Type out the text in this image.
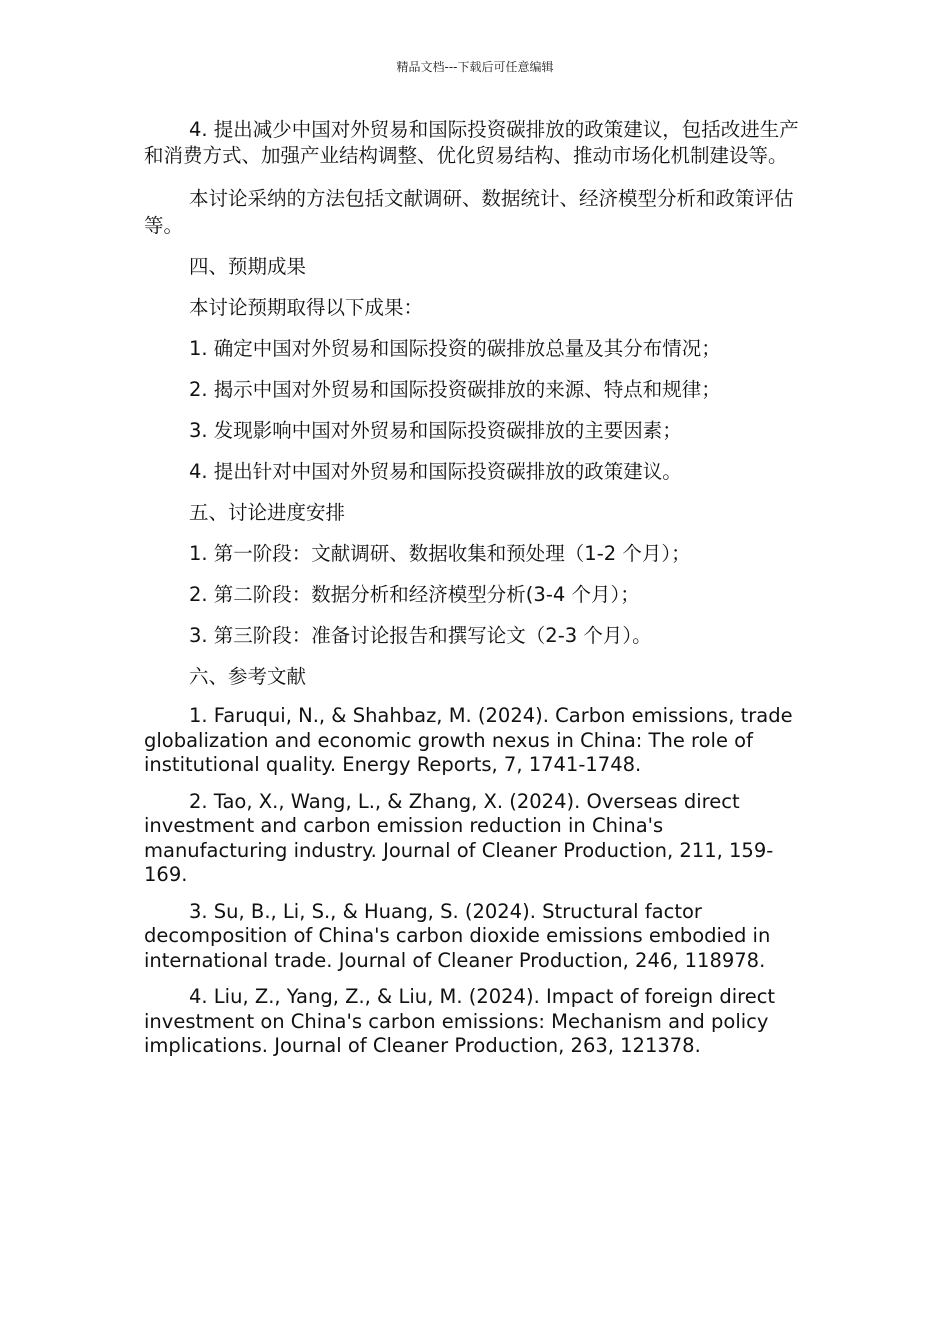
精品文档---下载后可任意编辑

4. 提出减少中国对外贸易和国际投资碳排放的政策建议，包括改进生产和消费方式、加强产业结构调整、优化贸易结构、推动市场化机制建设等。

本讨论采纳的方法包括文献调研、数据统计、经济模型分析和政策评估等。

四、预期成果

本讨论预期取得以下成果：

1. 确定中国对外贸易和国际投资的碳排放总量及其分布情况；

2. 揭示中国对外贸易和国际投资碳排放的来源、特点和规律；

3. 发现影响中国对外贸易和国际投资碳排放的主要因素；

4. 提出针对中国对外贸易和国际投资碳排放的政策建议。

五、讨论进度安排

1. 第一阶段：文献调研、数据收集和预处理（1-2 个月）；

2. 第二阶段：数据分析和经济模型分析(3-4 个月）；

3. 第三阶段：准备讨论报告和撰写论文（2-3 个月）。

六、参考文献

1. Faruqui, N., & Shahbaz, M. (2024). Carbon emissions, trade globalization and economic growth nexus in China: The role of institutional quality. Energy Reports, 7, 1741-1748.

2. Tao, X., Wang, L., & Zhang, X. (2024). Overseas direct investment and carbon emission reduction in China's manufacturing industry. Journal of Cleaner Production, 211, 159-169.

3. Su, B., Li, S., & Huang, S. (2024). Structural factor decomposition of China's carbon dioxide emissions embodied in international trade. Journal of Cleaner Production, 246, 118978.

4. Liu, Z., Yang, Z., & Liu, M. (2024). Impact of foreign direct investment on China's carbon emissions: Mechanism and policy implications. Journal of Cleaner Production, 263, 121378.
